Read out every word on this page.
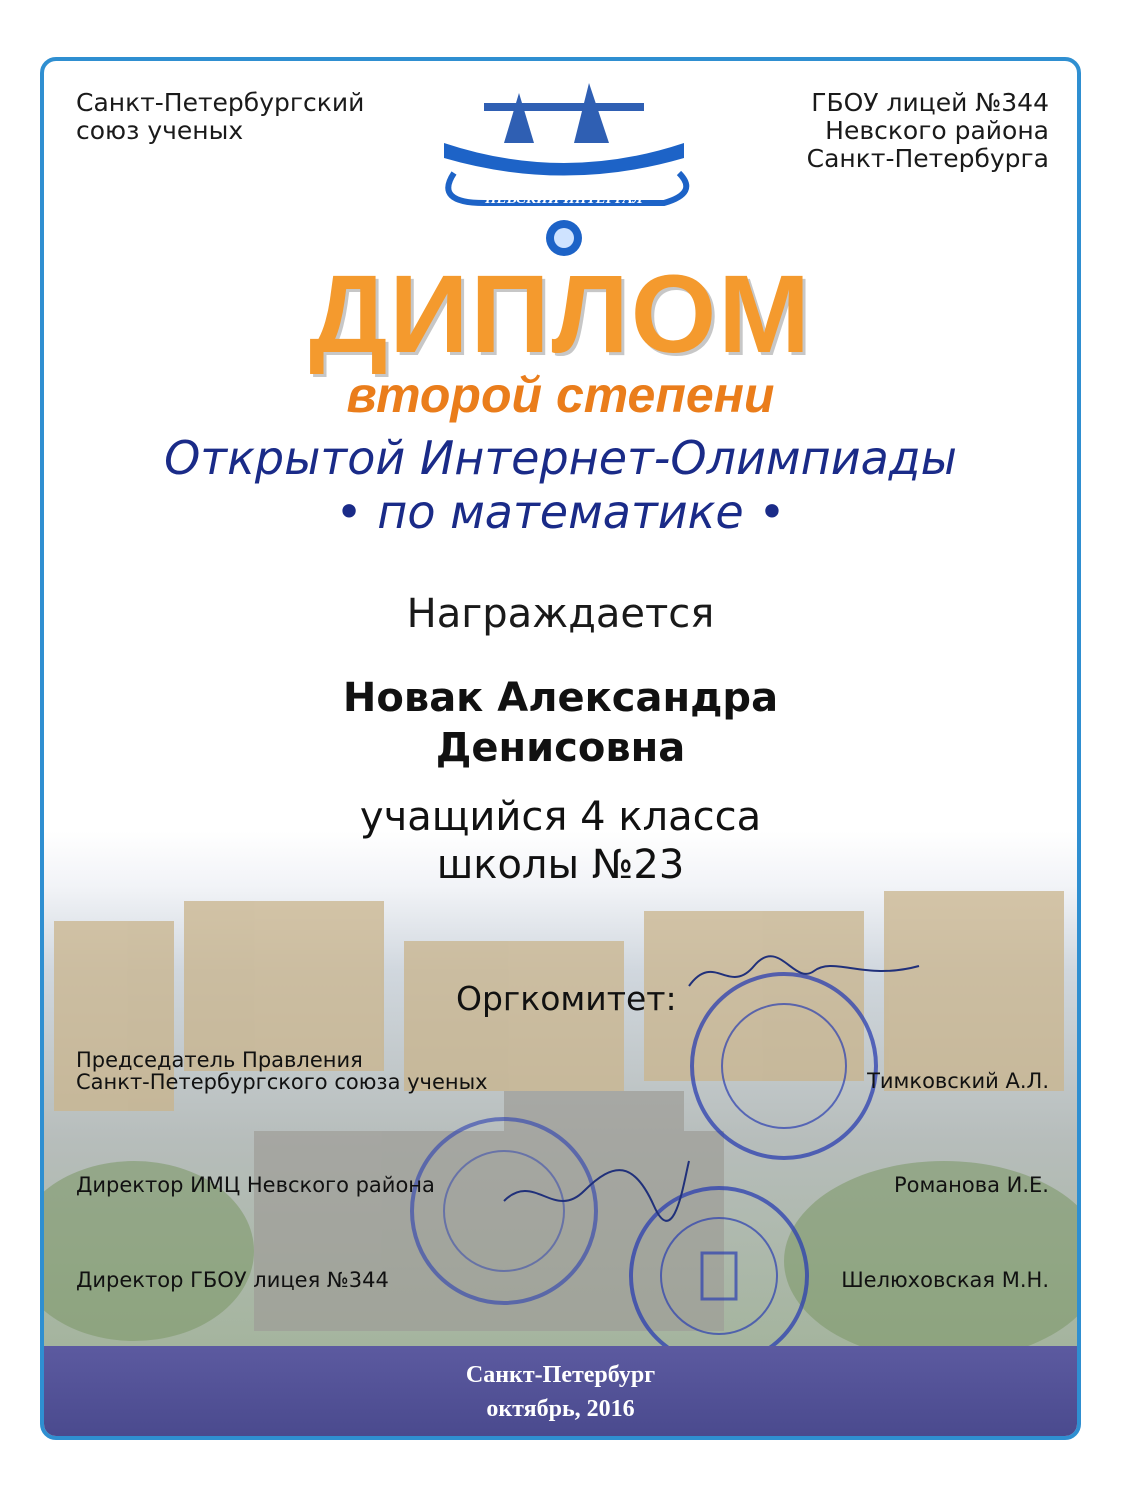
Санкт-Петербургский
союз ученых
НЕВСКИЙ ИНТЕГРАЛ
ГБОУ лицей №344
Невского района
Санкт-Петербурга
ДИПЛОМ
второй степени
Открытой Интернет-Олимпиады
• по математике •
Награждается
Новак Александра
Денисовна
учащийся 4 класса
школы №23
Оргкомитет:
Председатель Правления
Санкт-Петербургского союза ученых	Тимковский А.Л.
Директор ИМЦ Невского района	Романова И.Е.
Директор ГБОУ лицея №344	Шелюховская М.Н.
Санкт-Петербург
октябрь, 2016
